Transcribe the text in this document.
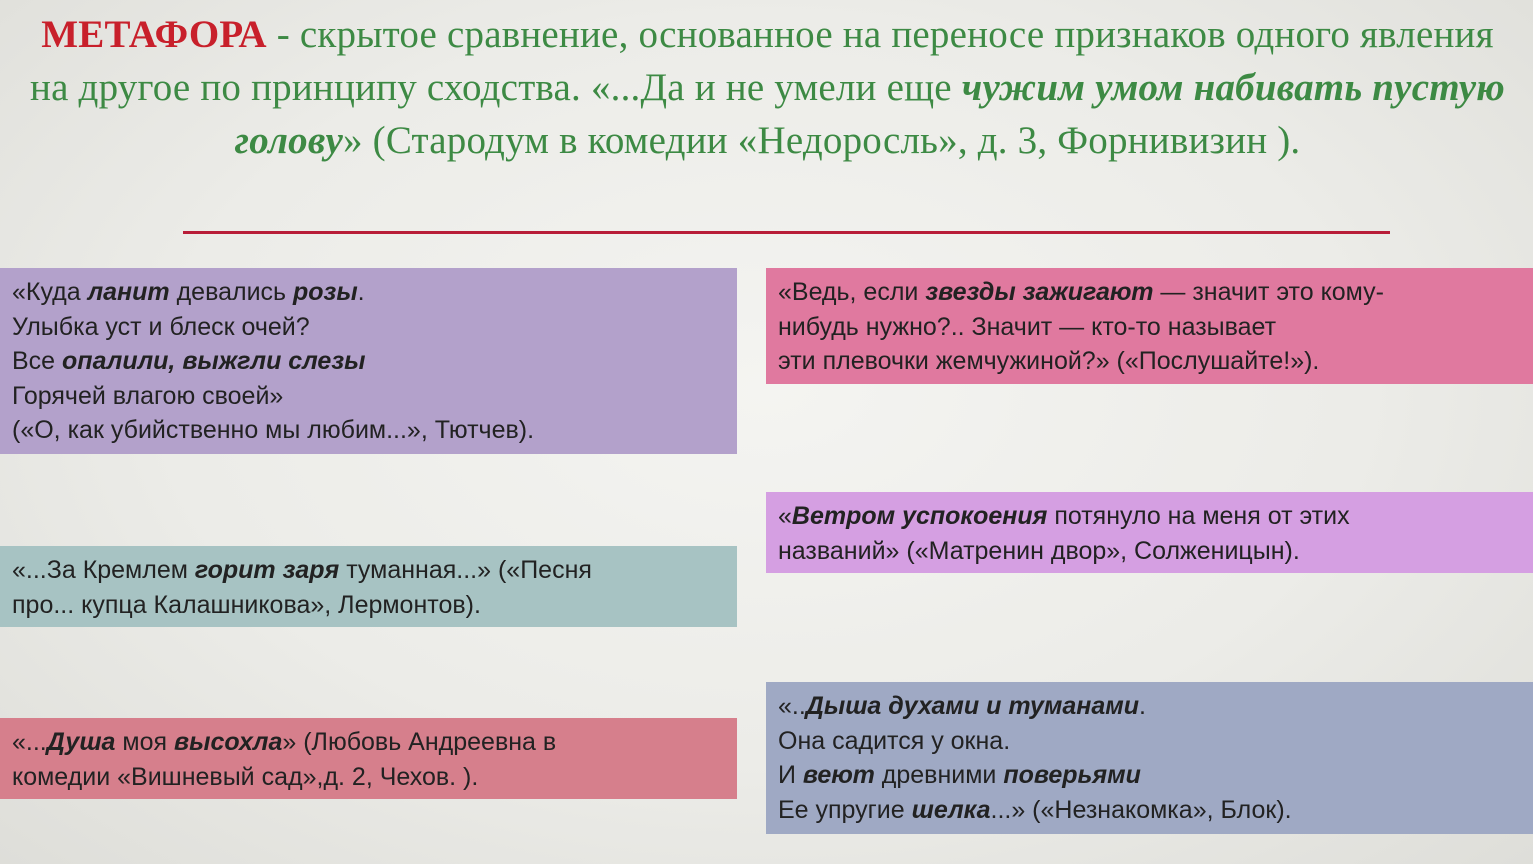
МЕТАФОРА - скрытое сравнение, основанное на переносе признаков одного явления на другое по принципу сходства. «...Да и не умели еще чужим умом набивать пустую голову» (Стародум в комедии «Недоросль», д. 3, Форнивизин ).
«Куда ланит девались розы.
Улыбка уст и блеск очей?
Все опалили, выжгли слезы
Горячей влагою своей»
(«О, как убийственно мы любим...», Тютчев).
«Ведь, если звезды зажигают — значит это кому-
нибудь нужно?.. Значит — кто-то называет
эти плевочки жемчужиной?» («Послушайте!»).
«Ветром успокоения потянуло на меня от этих
названий» («Матренин двор», Солженицын).
«...За Кремлем горит заря туманная...» («Песня
про... купца Калашникова», Лермонтов).
«..Дыша духами и туманами.
Она садится у окна.
И веют древними поверьями
Ее упругие шелка...» («Незнакомка», Блок).
«...Душа моя высохла» (Любовь Андреевна в
комедии «Вишневый сад»,д. 2, Чехов. ).
